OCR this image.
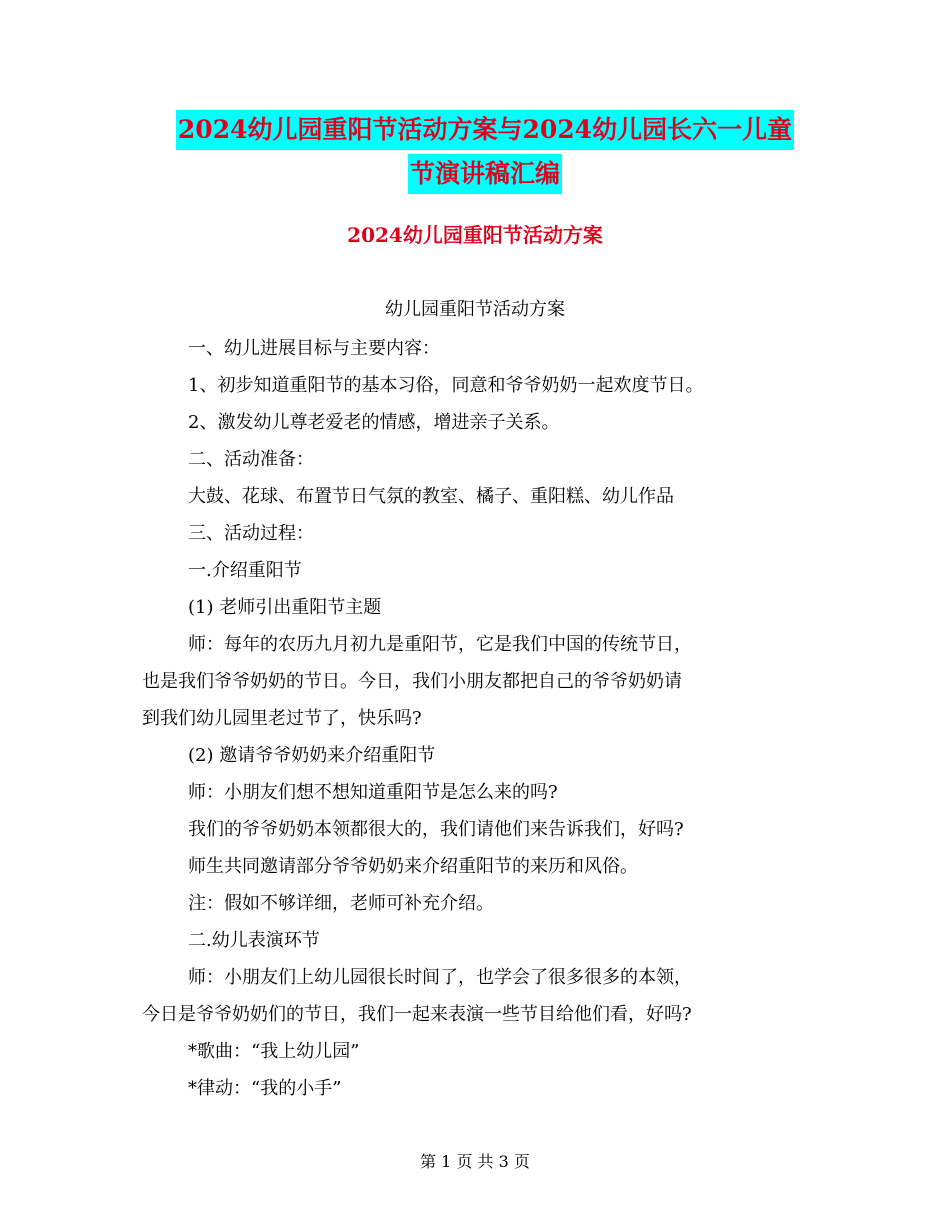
2024幼儿园重阳节活动方案与2024幼儿园长六一儿童
节演讲稿汇编
2024幼儿园重阳节活动方案
幼儿园重阳节活动方案
一、幼儿进展目标与主要内容：
1、初步知道重阳节的基本习俗，同意和爷爷奶奶一起欢度节日。
2、激发幼儿尊老爱老的情感，增进亲子关系。
二、活动准备：
大鼓、花球、布置节日气氛的教室、橘子、重阳糕、幼儿作品
三、活动过程：
一.介绍重阳节
(1) 老师引出重阳节主题
师：每年的农历九月初九是重阳节，它是我们中国的传统节日，
也是我们爷爷奶奶的节日。今日，我们小朋友都把自己的爷爷奶奶请
到我们幼儿园里老过节了，快乐吗?
(2) 邀请爷爷奶奶来介绍重阳节
师：小朋友们想不想知道重阳节是怎么来的吗?
我们的爷爷奶奶本领都很大的，我们请他们来告诉我们，好吗?
师生共同邀请部分爷爷奶奶来介绍重阳节的来历和风俗。
注：假如不够详细，老师可补充介绍。
二.幼儿表演环节
师：小朋友们上幼儿园很长时间了，也学会了很多很多的本领，
今日是爷爷奶奶们的节日，我们一起来表演一些节目给他们看，好吗?
*歌曲：“我上幼儿园”
*律动：“我的小手”
第 1 页 共 3 页
